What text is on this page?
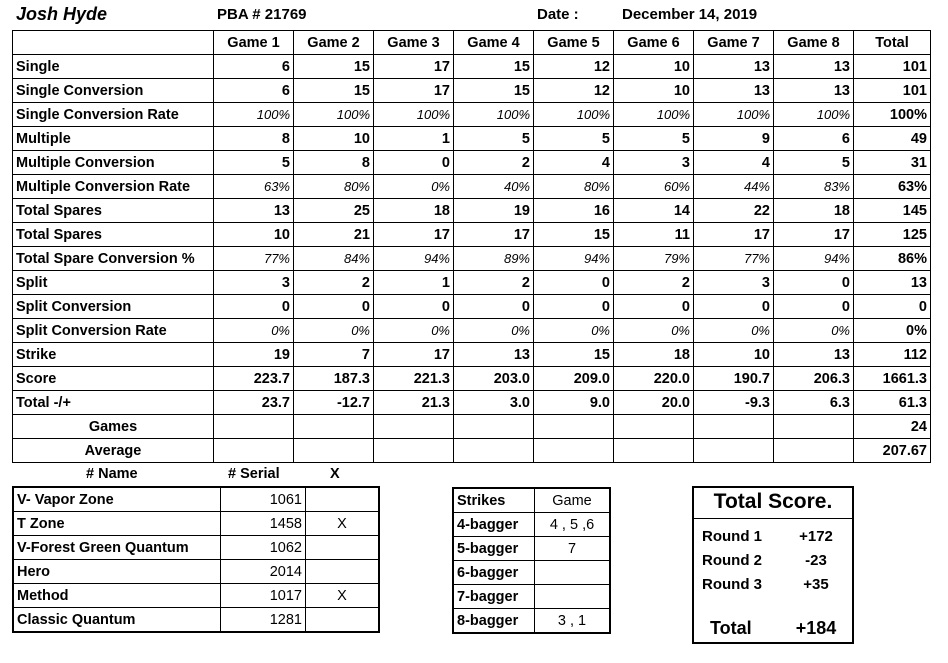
Josh Hyde	PBA # 21769	Date :	December 14, 2019
	Game 1	Game 2	Game 3	Game 4	Game 5	Game 6	Game 7	Game 8	Total
Single	6	15	17	15	12	10	13	13	101
Single Conversion	6	15	17	15	12	10	13	13	101
Single Conversion Rate	100%	100%	100%	100%	100%	100%	100%	100%	100%
Multiple	8	10	1	5	5	5	9	6	49
Multiple Conversion	5	8	0	2	4	3	4	5	31
Multiple Conversion Rate	63%	80%	0%	40%	80%	60%	44%	83%	63%
Total Spares	13	25	18	19	16	14	22	18	145
Total Spares	10	21	17	17	15	11	17	17	125
Total Spare Conversion %	77%	84%	94%	89%	94%	79%	77%	94%	86%
Split	3	2	1	2	0	2	3	0	13
Split Conversion	0	0	0	0	0	0	0	0	0
Split Conversion Rate	0%	0%	0%	0%	0%	0%	0%	0%	0%
Strike	19	7	17	13	15	18	10	13	112
Score	223.7	187.3	221.3	203.0	209.0	220.0	190.7	206.3	1661.3
Total -/+	23.7	-12.7	21.3	3.0	9.0	20.0	-9.3	6.3	61.3
Games									24
Average									207.67
# Name	# Serial	X
V- Vapor Zone	1061	
T Zone	1458	X
V-Forest Green Quantum	1062	
Hero	2014	
Method	1017	X
Classic Quantum	1281	
Strikes	Game
4-bagger	4 , 5 ,6
5-bagger	7
6-bagger	
7-bagger	
8-bagger	3 , 1
Total Score.
Round 1	+172
Round 2	-23
Round 3	+35
Total	+184
